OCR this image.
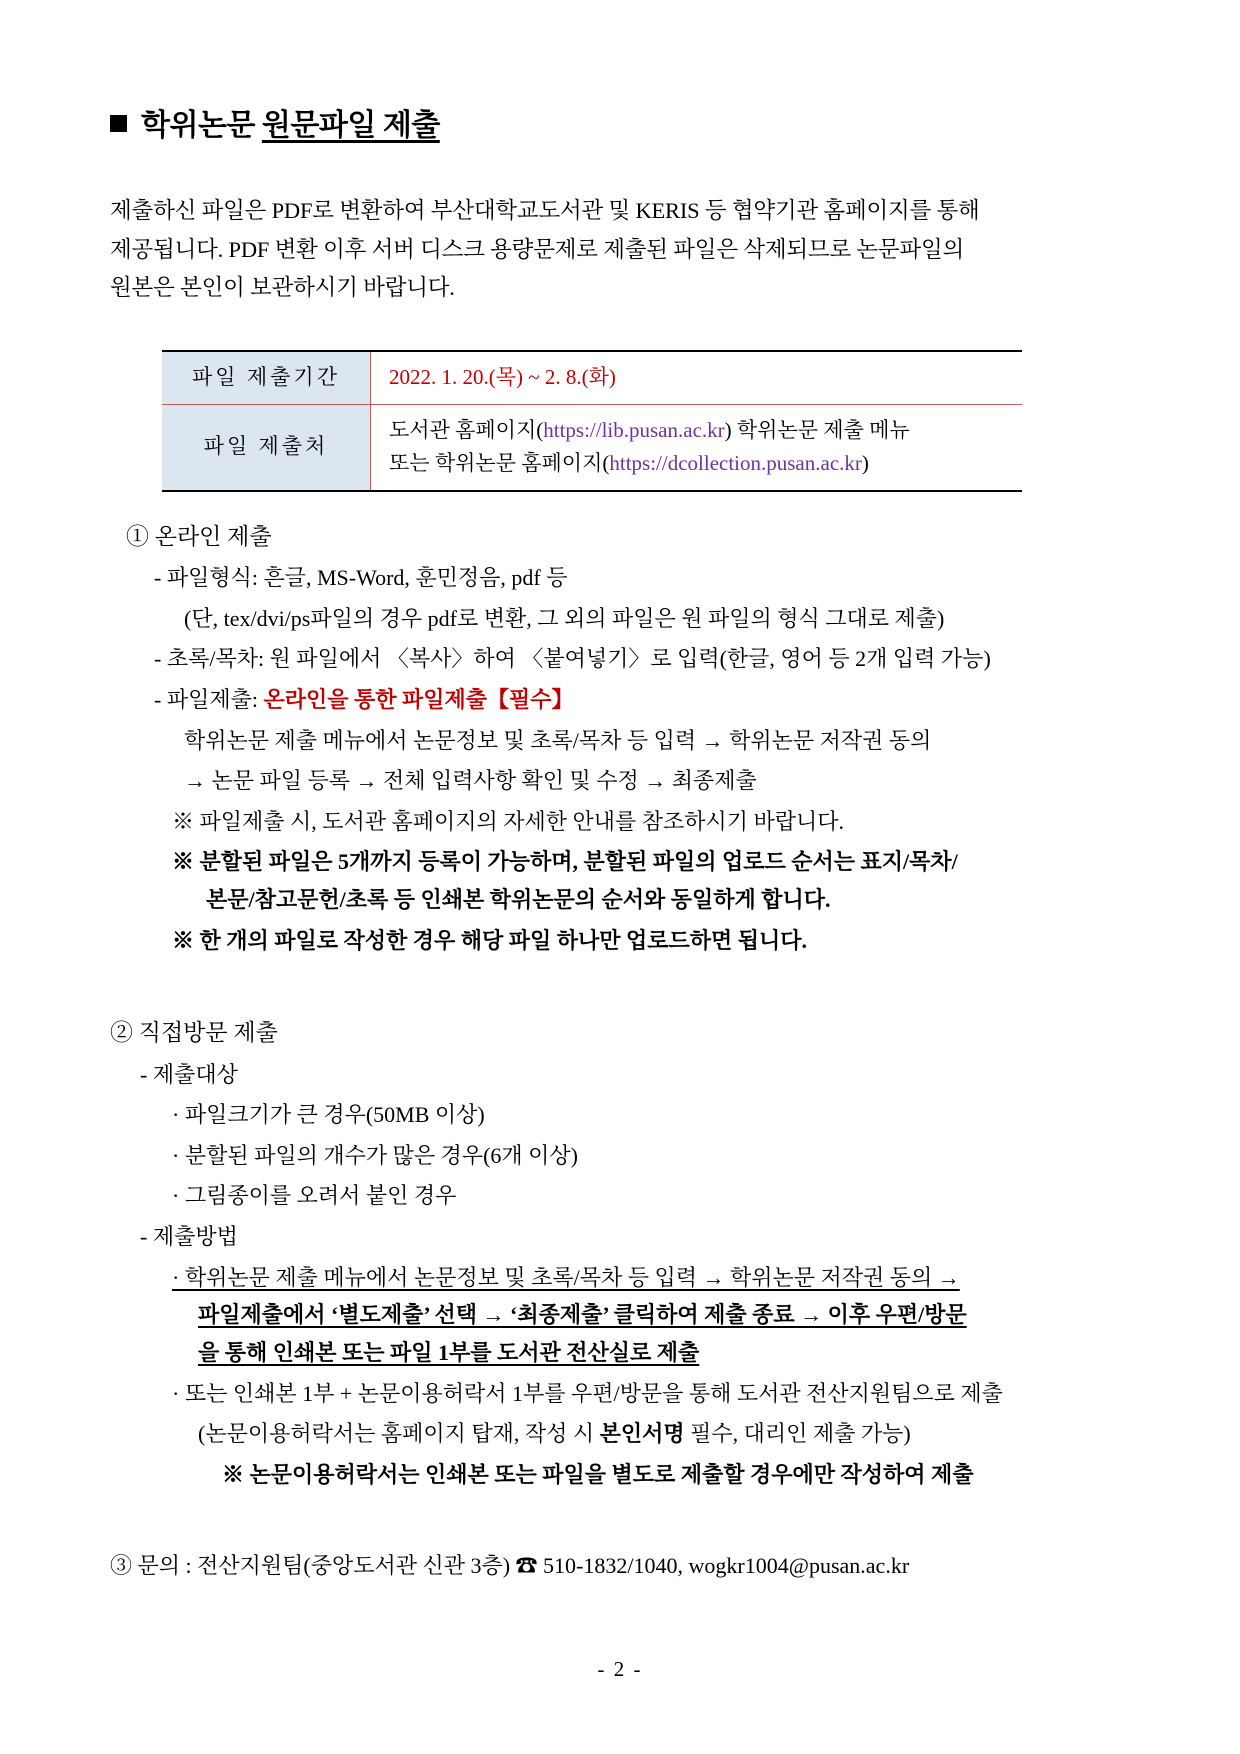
학위논문 원문파일 제출
제출하신 파일은 PDF로 변환하여 부산대학교도서관 및 KERIS 등 협약기관 홈페이지를 통해
제공됩니다. PDF 변환 이후 서버 디스크 용량문제로 제출된 파일은 삭제되므로 논문파일의
원본은 본인이 보관하시기 바랍니다.
파일 제출기간	2022. 1. 20.(목) ~ 2. 8.(화)
파일 제출처	도서관 홈페이지(https://lib.pusan.ac.kr) 학위논문 제출 메뉴
또는 학위논문 홈페이지(https://dcollection.pusan.ac.kr)
① 온라인 제출
- 파일형식: 흔글, MS-Word, 훈민정음, pdf 등
(단, tex/dvi/ps파일의 경우 pdf로 변환, 그 외의 파일은 원 파일의 형식 그대로 제출)
- 초록/목차: 원 파일에서 〈복사〉하여 〈붙여넣기〉로 입력(한글, 영어 등 2개 입력 가능)
- 파일제출: 온라인을 통한 파일제출【필수】
학위논문 제출 메뉴에서 논문정보 및 초록/목차 등 입력 → 학위논문 저작권 동의
→ 논문 파일 등록 → 전체 입력사항 확인 및 수정 → 최종제출
※ 파일제출 시, 도서관 홈페이지의 자세한 안내를 참조하시기 바랍니다.
※ 분할된 파일은 5개까지 등록이 가능하며, 분할된 파일의 업로드 순서는 표지/목차/
본문/참고문헌/초록 등 인쇄본 학위논문의 순서와 동일하게 합니다.
※ 한 개의 파일로 작성한 경우 해당 파일 하나만 업로드하면 됩니다.
② 직접방문 제출
- 제출대상
· 파일크기가 큰 경우(50MB 이상)
· 분할된 파일의 개수가 많은 경우(6개 이상)
· 그림종이를 오려서 붙인 경우
- 제출방법
· 학위논문 제출 메뉴에서 논문정보 및 초록/목차 등 입력 → 학위논문 저작권 동의 →
파일제출에서 ‘별도제출’ 선택 → ‘최종제출’ 클릭하여 제출 종료 → 이후 우편/방문
을 통해 인쇄본 또는 파일 1부를 도서관 전산실로 제출
· 또는 인쇄본 1부 + 논문이용허락서 1부를 우편/방문을 통해 도서관 전산지원팀으로 제출
(논문이용허락서는 홈페이지 탑재, 작성 시 본인서명 필수, 대리인 제출 가능)
※ 논문이용허락서는 인쇄본 또는 파일을 별도로 제출할 경우에만 작성하여 제출
③ 문의 : 전산지원팀(중앙도서관 신관 3층) ☎ 510-1832/1040, wogkr1004@pusan.ac.kr
- 2 -
